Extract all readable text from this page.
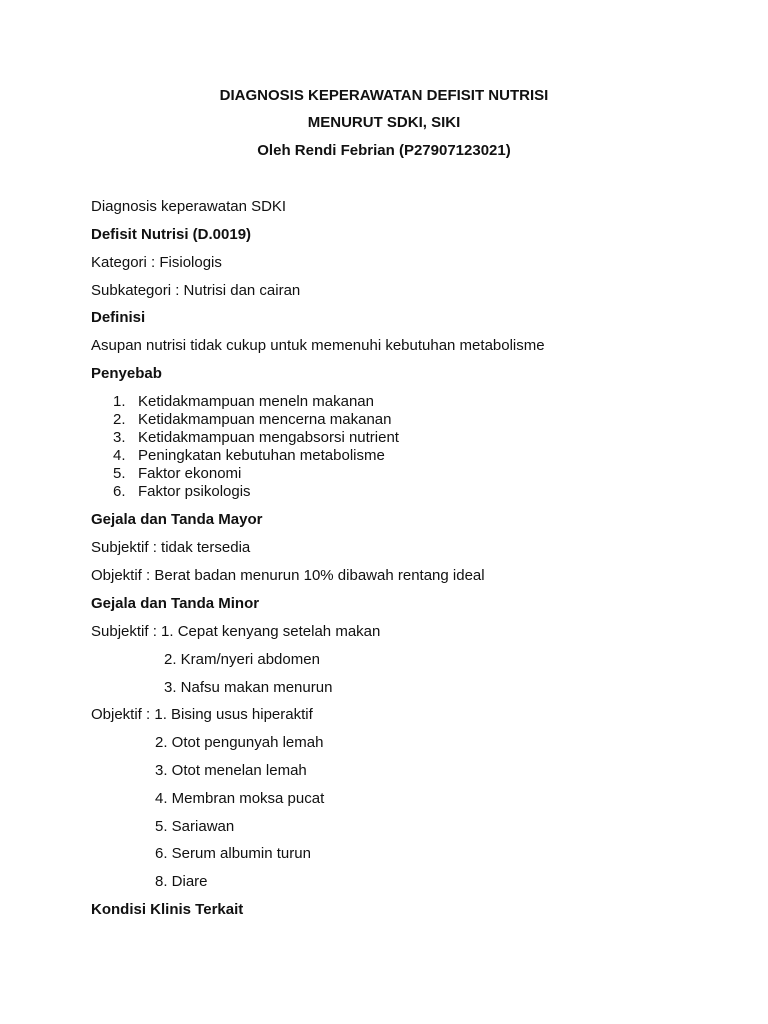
DIAGNOSIS KEPERAWATAN DEFISIT NUTRISI
MENURUT SDKI, SIKI
Oleh Rendi Febrian (P27907123021)
Diagnosis keperawatan SDKI
Defisit Nutrisi (D.0019)
Kategori : Fisiologis
Subkategori : Nutrisi dan cairan
Definisi
Asupan nutrisi tidak cukup untuk memenuhi kebutuhan metabolisme
Penyebab
1. Ketidakmampuan meneln makanan
2. Ketidakmampuan mencerna makanan
3. Ketidakmampuan mengabsorsi nutrient
4. Peningkatan kebutuhan metabolisme
5. Faktor ekonomi
6. Faktor psikologis
Gejala dan Tanda Mayor
Subjektif : tidak tersedia
Objektif : Berat badan menurun 10% dibawah rentang ideal
Gejala dan Tanda Minor
Subjektif : 1. Cepat kenyang setelah makan
2. Kram/nyeri abdomen
3. Nafsu makan menurun
Objektif : 1. Bising usus hiperaktif
2. Otot pengunyah lemah
3. Otot menelan lemah
4. Membran moksa pucat
5. Sariawan
6. Serum albumin turun
8. Diare
Kondisi Klinis Terkait
